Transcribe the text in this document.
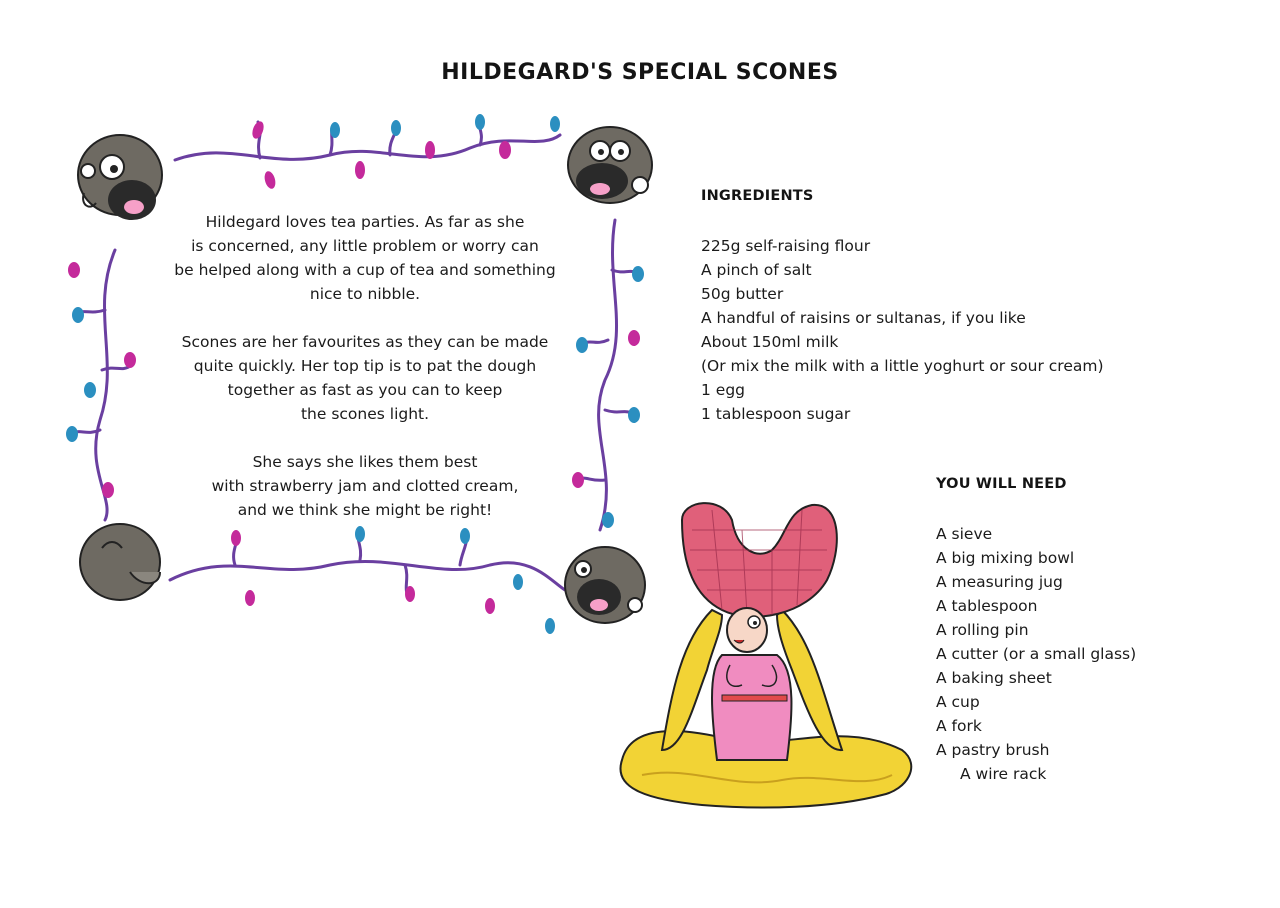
HILDEGARD'S SPECIAL SCONES

Hildegard loves tea parties. As far as she
is concerned, any little problem or worry can
be helped along with a cup of tea and something
nice to nibble.

Scones are her favourites as they can be made
quite quickly. Her top tip is to pat the dough
together as fast as you can to keep
the scones light.

She says she likes them best
with strawberry jam and clotted cream,
and we think she might be right!

INGREDIENTS
225g self-raising flour
A pinch of salt
50g butter
A handful of raisins or sultanas, if you like
About 150ml milk
(Or mix the milk with a little yoghurt or sour cream)
1 egg
1 tablespoon sugar
YOU WILL NEED
A sieve
A big mixing bowl
A measuring jug
A tablespoon
A rolling pin
A cutter (or a small glass)
A baking sheet
A cup
A fork
A pastry brush
A wire rack
